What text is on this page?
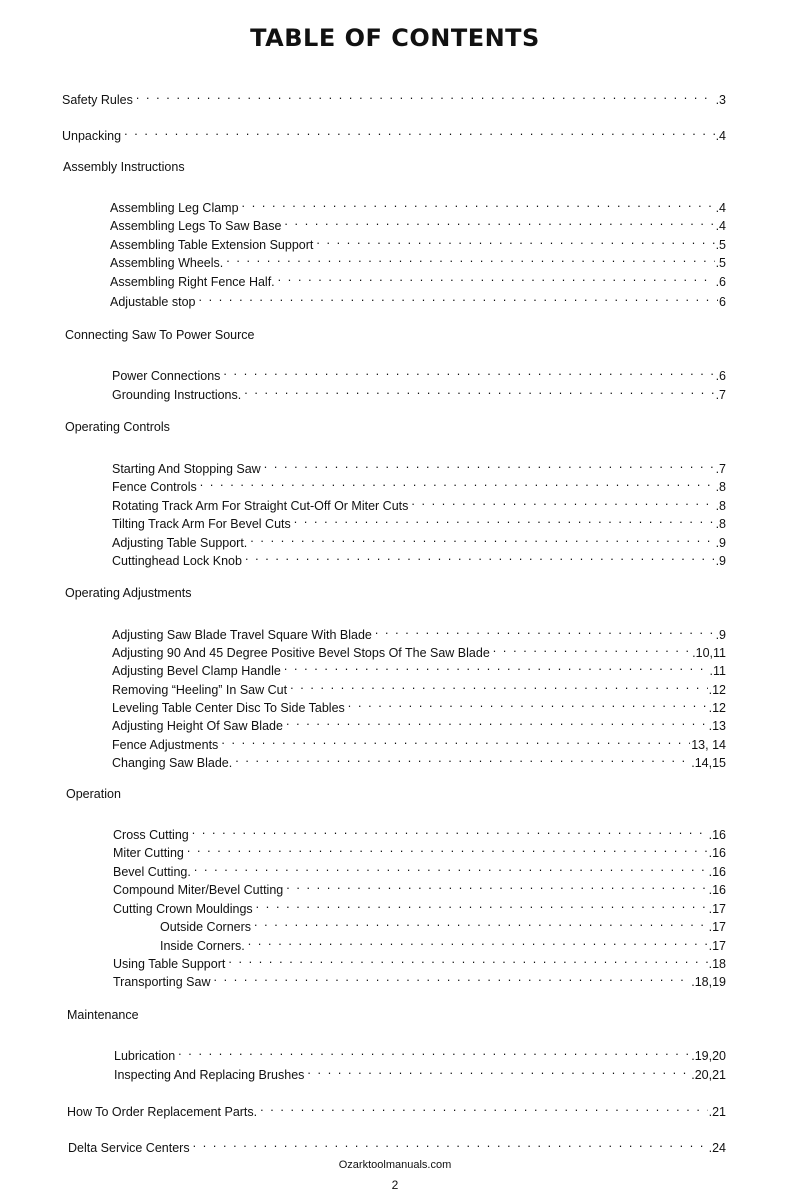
TABLE OF CONTENTS
Safety Rules . . .	.3
Unpacking . . .	.4
Assembly Instructions
Assembling Leg Clamp . . .	.4
Assembling Legs To Saw Base . . .	.4
Assembling Table Extension Support . . .	.5
Assembling Wheels. . . .	.5
Assembling Right Fence Half. . . .	.6
Adjustable stop . . .	6
Connecting Saw To Power Source
Power Connections . . .	.6
Grounding Instructions. . . .	.7
Operating Controls
Starting And Stopping Saw . . .	.7
Fence Controls . . .	.8
Rotating Track Arm For Straight Cut-Off Or Miter Cuts . . .	.8
Tilting Track Arm For Bevel Cuts . . .	.8
Adjusting Table Support. . . .	.9
Cuttinghead Lock Knob . . .	.9
Operating Adjustments
Adjusting Saw Blade Travel Square With Blade . . .	.9
Adjusting 90 And 45 Degree Positive Bevel Stops Of The Saw Blade . . .	.10,11
Adjusting Bevel Clamp Handle . . .	.11
Removing “Heeling” In Saw Cut . . .	.12
Leveling Table Center Disc To Side Tables . . .	.12
Adjusting Height Of Saw Blade . . .	.13
Fence Adjustments . . .	13, 14
Changing Saw Blade. . . .	.14,15
Operation
Cross Cutting . . .	.16
Miter Cutting . . .	.16
Bevel Cutting. . . .	.16
Compound Miter/Bevel Cutting . . .	.16
Cutting Crown Mouldings . . .	.17
Outside Corners . . .	.17
Inside Corners. . . .	.17
Using Table Support . . .	.18
Transporting Saw . . .	.18,19
Maintenance
Lubrication . . .	.19,20
Inspecting And Replacing Brushes . . .	.20,21
How To Order Replacement Parts. . . .	.21
Delta Service Centers . . .	.24
Ozarktoolmanuals.com
2
